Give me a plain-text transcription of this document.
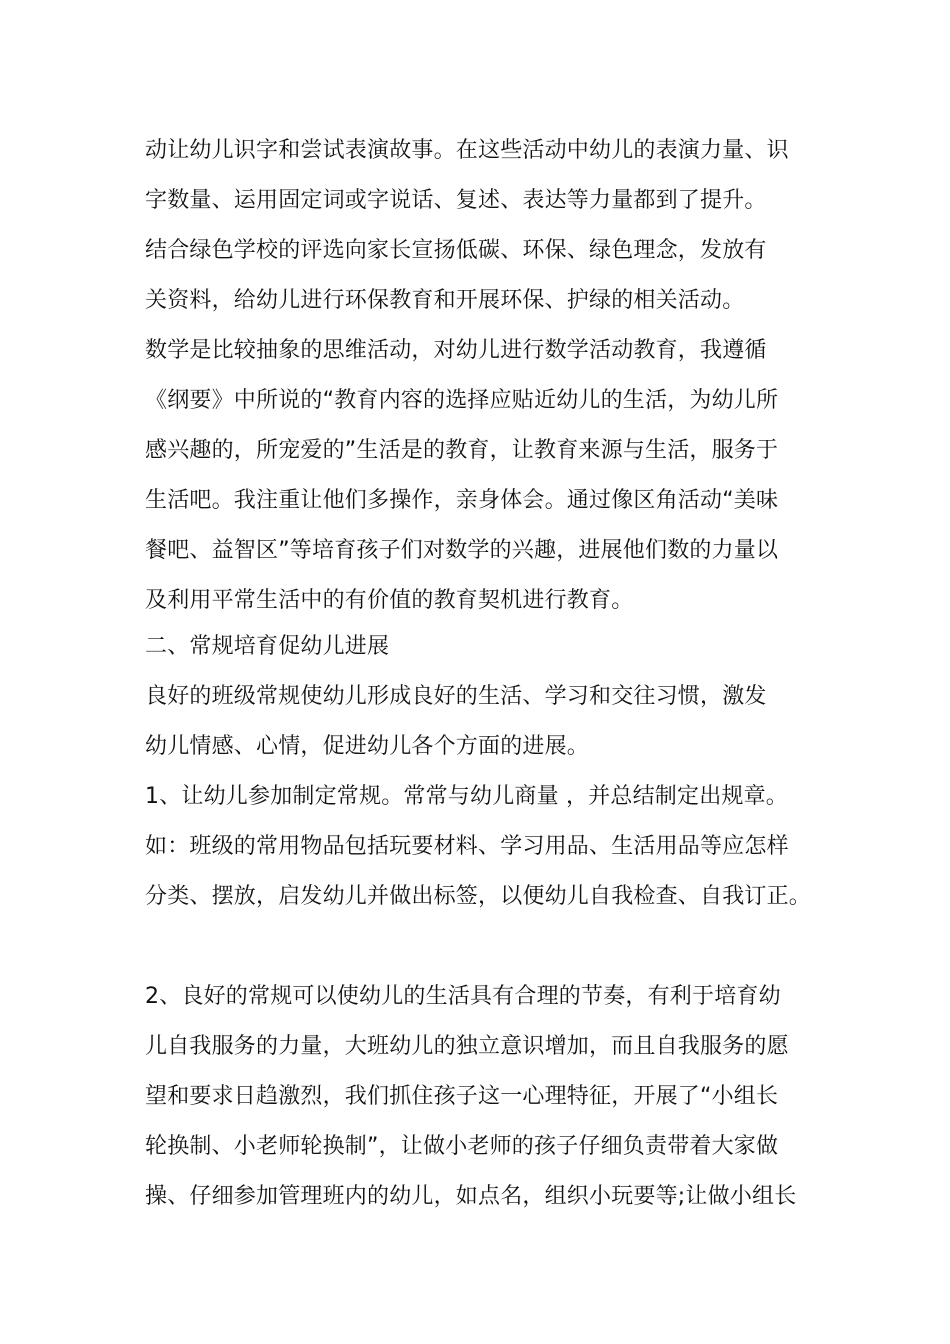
动让幼儿识字和尝试表演故事。在这些活动中幼儿的表演力量、识
字数量、运用固定词或字说话、复述、表达等力量都到了提升。
结合绿色学校的评选向家长宣扬低碳、环保、绿色理念，发放有
关资料，给幼儿进行环保教育和开展环保、护绿的相关活动。
数学是比较抽象的思维活动，对幼儿进行数学活动教育，我遵循
《纲要》中所说的“教育内容的选择应贴近幼儿的生活，为幼儿所
感兴趣的，所宠爱的”生活是的教育，让教育来源与生活，服务于
生活吧。我注重让他们多操作，亲身体会。通过像区角活动“美味
餐吧、益智区”等培育孩子们对数学的兴趣，进展他们数的力量以
及利用平常生活中的有价值的教育契机进行教育。
二、常规培育促幼儿进展
良好的班级常规使幼儿形成良好的生活、学习和交往习惯，激发
幼儿情感、心情，促进幼儿各个方面的进展。
1、让幼儿参加制定常规。常常与幼儿商量 ，并总结制定出规章。
如：班级的常用物品包括玩要材料、学习用品、生活用品等应怎样
分类、摆放，启发幼儿并做出标签，以便幼儿自我检查、自我订正。
2、良好的常规可以使幼儿的生活具有合理的节奏，有利于培育幼
儿自我服务的力量，大班幼儿的独立意识增加，而且自我服务的愿
望和要求日趋激烈，我们抓住孩子这一心理特征，开展了“小组长
轮换制、小老师轮换制”，让做小老师的孩子仔细负责带着大家做
操、仔细参加管理班内的幼儿，如点名，组织小玩要等;让做小组长
